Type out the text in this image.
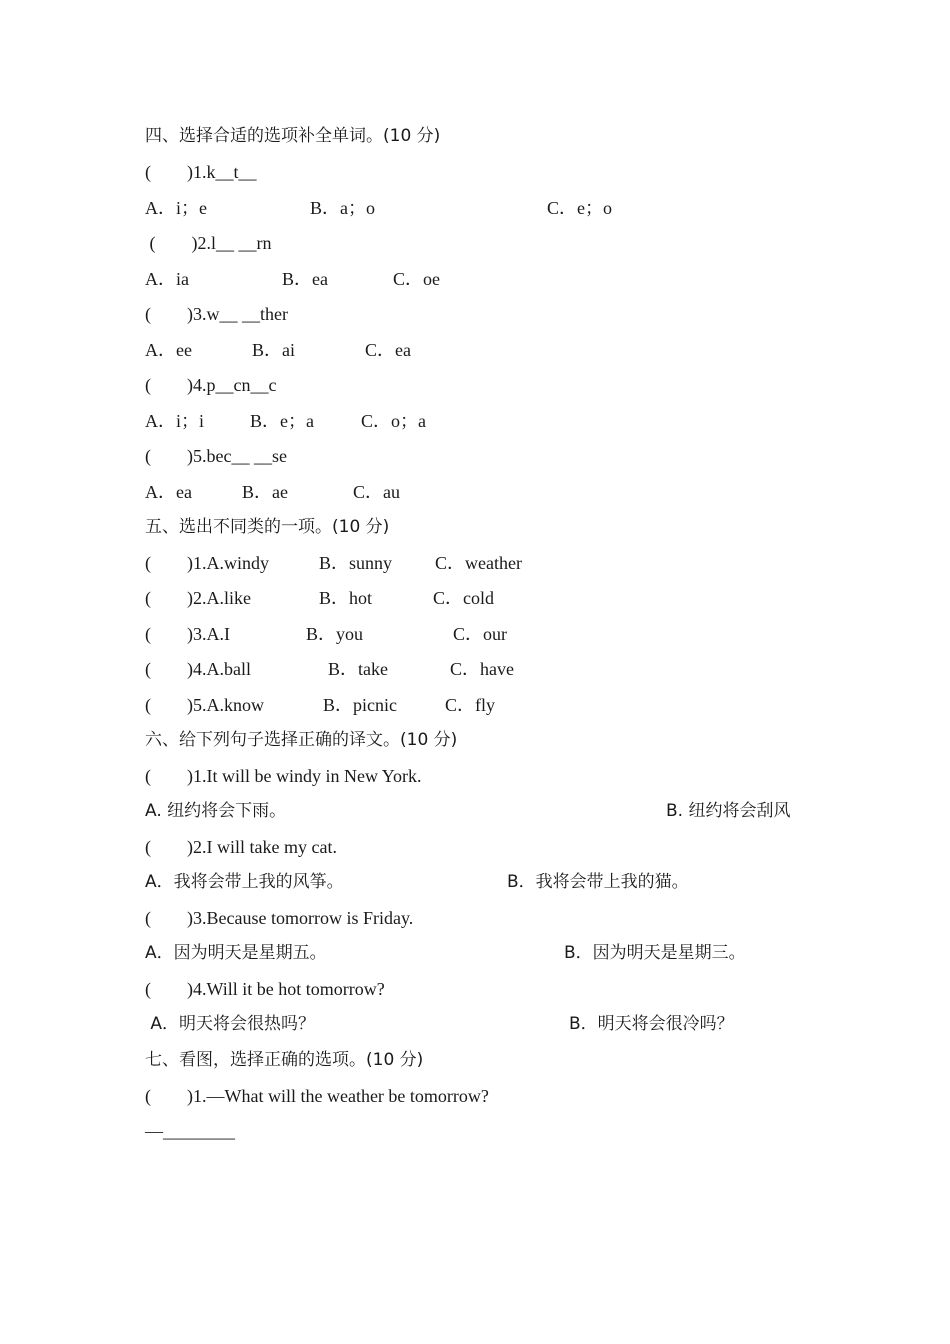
四、选择合适的选项补全单词。(10 分)
(        )1.k__t__

A．i；e

	B．a；o

	C．e；o

(        )2.l__ __rn

A．ia

	B．ea

	C．oe

(        )3.w__ __ther

A．ee

	B．ai

	C．ea

(        )4.p__cn__c

A．i；i

	B．e；a

	C．o；a

(        )5.bec__ __se

A．ea

	B．ae

	C．au

五、选出不同类的一项。(10 分)

(        )1.A.windy

	B．sunny

C．weather

(        )2.A.like

	B．hot

	C．cold

(        )3.A.I

	B．you

	C．our

(        )4.A.ball

	B．take

	C．have

(        )5.A.know

	B．picnic

	C．fly

六、给下列句子选择正确的译文。(10 分)
(        )1.It will be windy in New York.

A. 纽约将会下雨。

	B. 纽约将会刮风

(        )2.I will take my cat.

A．我将会带上我的风筝。

	B．我将会带上我的猫。

(        )3.Because tomorrow is Friday.

A．因为明天是星期五。

	B．因为明天是星期三。

(        )4.Will it be hot tomorrow?

A．明天将会很热吗？

	B．明天将会很冷吗？

七、看图，选择正确的选项。(10 分)
(        )1.—What will the weather be tomorrow?
—________
